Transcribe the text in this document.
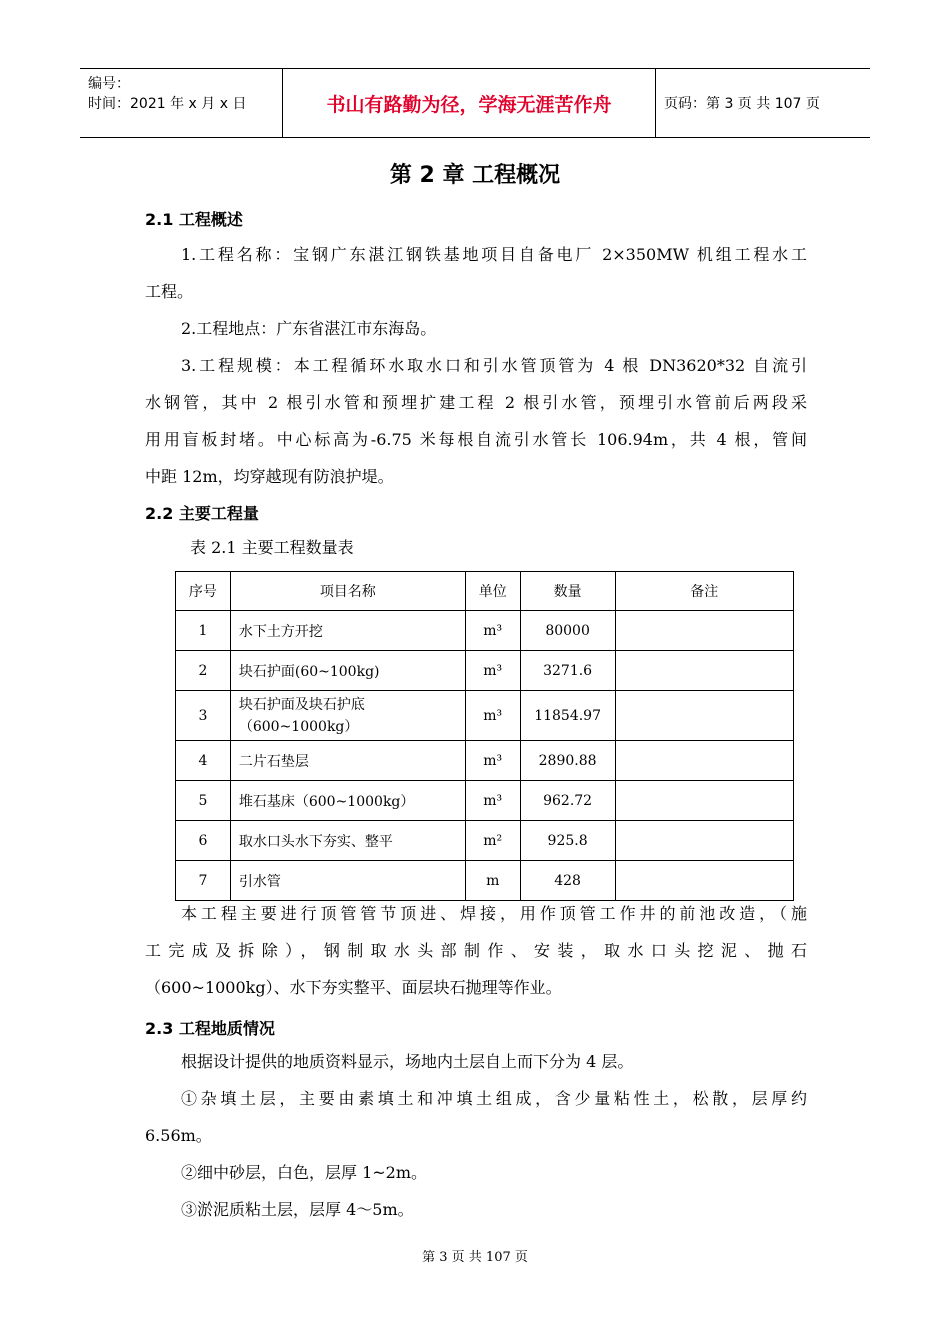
编号：
时间：2021 年 x 月 x 日	书山有路勤为径，学海无涯苦作舟	页码：第 3 页 共 107 页
第 2 章 工程概况
2.1 工程概述
1.工程名称：宝钢广东湛江钢铁基地项目自备电厂 2×350MW 机组工程水工
工程。
2.工程地点：广东省湛江市东海岛。
3.工程规模：本工程循环水取水口和引水管顶管为 4 根 DN3620*32 自流引
水钢管，其中 2 根引水管和预埋扩建工程 2 根引水管，预埋引水管前后两段采
用用盲板封堵。中心标高为-6.75 米每根自流引水管长 106.94m，共 4 根，管间
中距 12m，均穿越现有防浪护堤。
2.2 主要工程量
表 2.1 主要工程数量表
序号	项目名称	单位	数量	备注
1	水下土方开挖	m³	80000	
2	块石护面(60~100kg)	m³	3271.6	
3	块石护面及块石护底（600~1000kg）	m³	11854.97	
4	二片石垫层	m³	2890.88	
5	堆石基床（600~1000kg）	m³	962.72	
6	取水口头水下夯实、整平	m²	925.8	
7	引水管	m	428	
本工程主要进行顶管管节顶进、焊接，用作顶管工作井的前池改造，（施
工完成及拆除），钢制取水头部制作、安装，取水口头挖泥、抛石
（600~1000kg）、水下夯实整平、面层块石抛理等作业。
2.3 工程地质情况
根据设计提供的地质资料显示，场地内土层自上而下分为 4 层。
①杂填土层，主要由素填土和冲填土组成，含少量粘性土，松散，层厚约
6.56m。
②细中砂层，白色，层厚 1~2m。
③淤泥质粘土层，层厚 4～5m。
第 3 页 共 107 页
